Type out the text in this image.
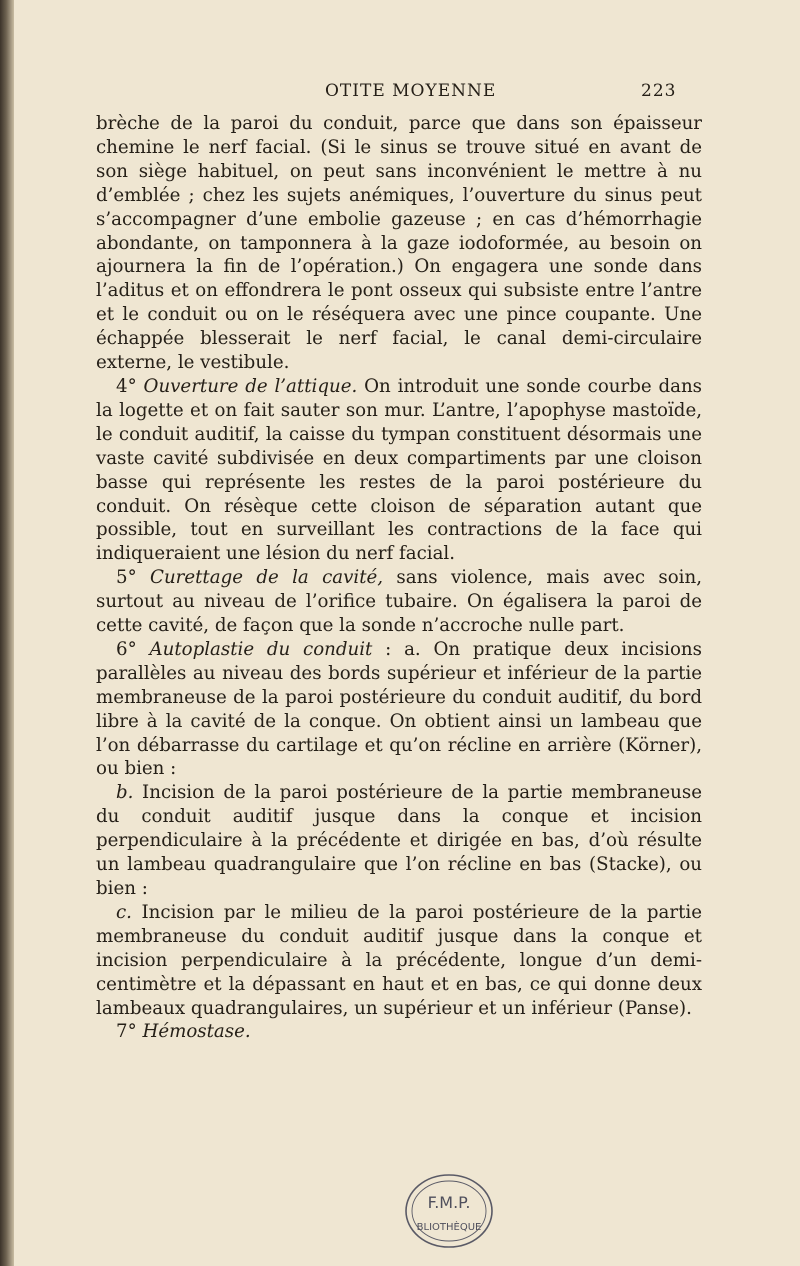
OTITE MOYENNE	223

brèche de la paroi du conduit, parce que dans son épaisseur chemine le nerf facial. (Si le sinus se trouve situé en avant de son siège habituel, on peut sans inconvénient le mettre à nu d’emblée ; chez les sujets anémiques, l’ouverture du sinus peut s’accompagner d’une embolie gazeuse ; en cas d’hémorrhagie abondante, on tamponnera à la gaze iodoformée, au besoin on ajournera la fin de l’opération.) On engagera une sonde dans l’aditus et on effondrera le pont osseux qui subsiste entre l’antre et le conduit ou on le réséquera avec une pince coupante. Une échappée blesserait le nerf facial, le canal demi-circulaire externe, le vestibule.

4° Ouverture de l’attique. On introduit une sonde courbe dans la logette et on fait sauter son mur. L’antre, l’apophyse mastoïde, le conduit auditif, la caisse du tympan constituent désormais une vaste cavité subdivisée en deux compartiments par une cloison basse qui représente les restes de la paroi postérieure du conduit. On résèque cette cloison de séparation autant que possible, tout en surveillant les contractions de la face qui indiqueraient une lésion du nerf facial.

5° Curettage de la cavité, sans violence, mais avec soin, surtout au niveau de l’orifice tubaire. On égalisera la paroi de cette cavité, de façon que la sonde n’accroche nulle part.

6° Autoplastie du conduit : a. On pratique deux incisions parallèles au niveau des bords supérieur et inférieur de la partie membraneuse de la paroi postérieure du conduit auditif, du bord libre à la cavité de la conque. On obtient ainsi un lambeau que l’on débarrasse du cartilage et qu’on récline en arrière (Körner), ou bien :

b. Incision de la paroi postérieure de la partie membraneuse du conduit auditif jusque dans la conque et incision perpendiculaire à la précédente et dirigée en bas, d’où résulte un lambeau quadrangulaire que l’on récline en bas (Stacke), ou bien :

c. Incision par le milieu de la paroi postérieure de la partie membraneuse du conduit auditif jusque dans la conque et incision perpendiculaire à la précédente, longue d’un demi-centimètre et la dépassant en haut et en bas, ce qui donne deux lambeaux quadrangulaires, un supérieur et un inférieur (Panse).

7° Hémostase.

F.M.P.
BLIOTHÈQUE
